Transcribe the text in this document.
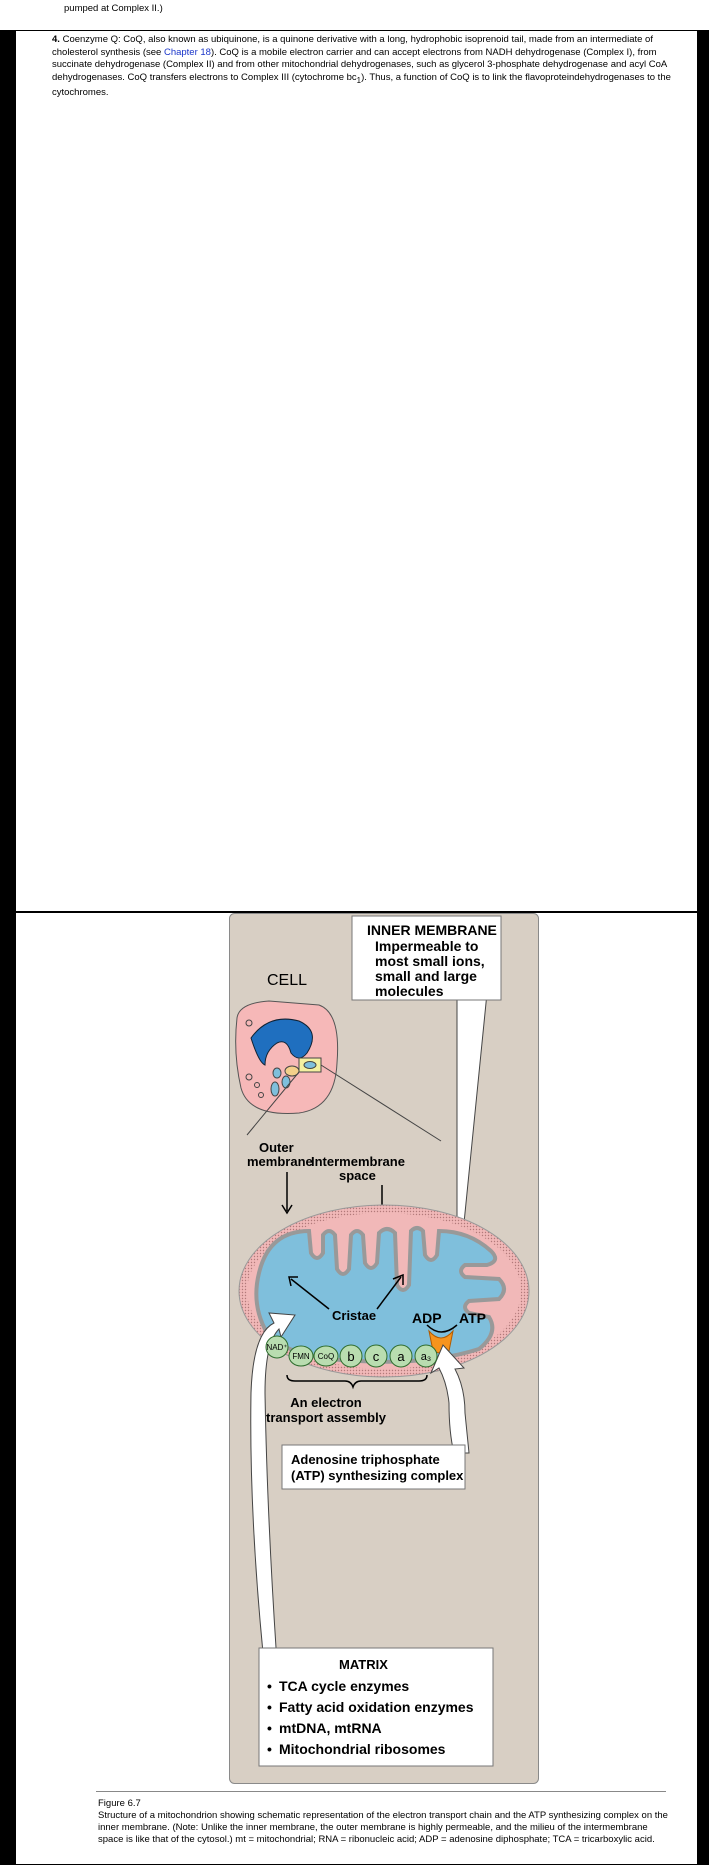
pumped at Complex II.)
4. Coenzyme Q: CoQ, also known as ubiquinone, is a quinone derivative with a long, hydrophobic isoprenoid tail, made from an intermediate of cholesterol synthesis (see Chapter 18). CoQ is a mobile electron carrier and can accept electrons from NADH dehydrogenase (Complex I), from succinate dehydrogenase (Complex II) and from other mitochondrial dehydrogenases, such as glycerol 3-phosphate dehydrogenase and acyl CoA dehydrogenases. CoQ transfers electrons to Complex III (cytochrome $bc_1$). Thus, a function of CoQ is to link the flavoproteindehydrogenases to the cytochromes.
INNER MEMBRANE
Impermeable to
most small ions,
small and large
molecules
CELL
Outer
membrane
Intermembrane
space
Cristae	ADP ATP
NAD⁺
FMN CoQ b c a a₃
An electron
transport assembly
Adenosine triphosphate
(ATP) synthesizing complex
MATRIX
• TCA cycle enzymes
• Fatty acid oxidation enzymes
• mtDNA, mtRNA
• Mitochondrial ribosomes
Figure 6.7
Structure of a mitochondrion showing schematic representation of the electron transport chain and the ATP synthesizing complex on the inner membrane. (Note: Unlike the inner membrane, the outer membrane is highly permeable, and the milieu of the intermembrane space is like that of the cytosol.) mt = mitochondrial; RNA = ribonucleic acid; ADP = adenosine diphosphate; TCA = tricarboxylic acid.
